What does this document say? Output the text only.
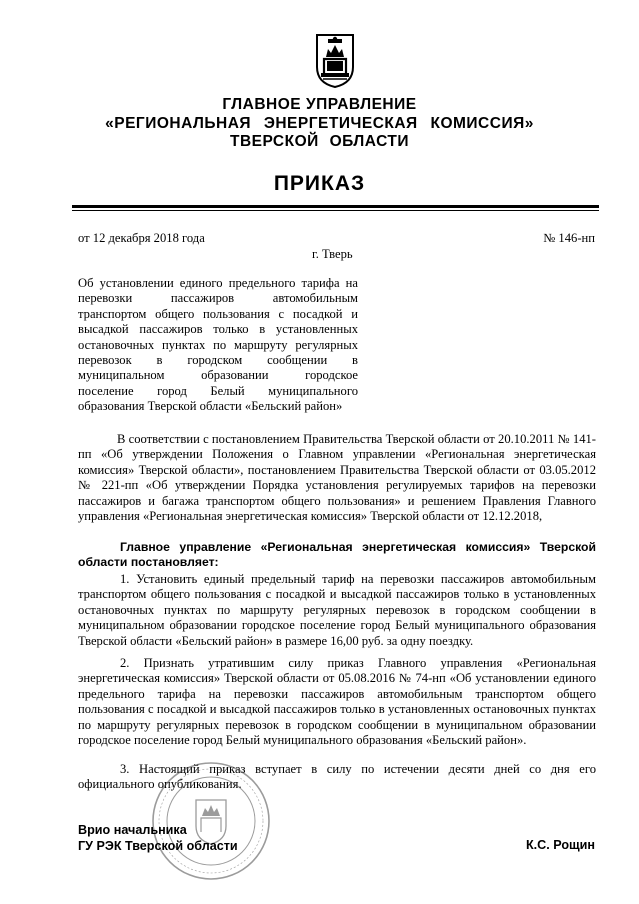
ГЛАВНОЕ УПРАВЛЕНИЕ
«РЕГИОНАЛЬНАЯ ЭНЕРГЕТИЧЕСКАЯ КОМИССИЯ»
ТВЕРСКОЙ ОБЛАСТИ
ПРИКАЗ
от 12 декабря 2018 года
г. Тверь
№ 146-нп
Об установлении единого предельного тарифа на
перевозки пассажиров автомобильным
транспортом общего пользования с посадкой и
высадкой пассажиров только в установленных
остановочных пунктах по маршруту регулярных
перевозок в городском сообщении в
муниципальном образовании городское
поселение город Белый муниципального
образования Тверской области «Бельский район»
В соответствии с постановлением Правительства Тверской области от 20.10.2011 № 141-пп «Об утверждении Положения о Главном управлении «Региональная энергетическая комиссия» Тверской области», постановлением Правительства Тверской области от 03.05.2012 № 221-пп «Об утверждении Порядка установления регулируемых тарифов на перевозки пассажиров и багажа транспортом общего пользования» и решением Правления Главного управления «Региональная энергетическая комиссия» Тверской области от 12.12.2018,
Главное управление «Региональная энергетическая комиссия» Тверской области постановляет:
1. Установить единый предельный тариф на перевозки пассажиров автомобильным транспортом общего пользования с посадкой и высадкой пассажиров только в установленных остановочных пунктах по маршруту регулярных перевозок в городском сообщении в муниципальном образовании городское поселение город Белый муниципального образования Тверской области «Бельский район» в размере 16,00 руб. за одну поездку.
2. Признать утратившим силу приказ Главного управления «Региональная энергетическая комиссия» Тверской области от 05.08.2016 № 74-нп «Об установлении единого предельного тарифа на перевозки пассажиров автомобильным транспортом общего пользования с посадкой и высадкой пассажиров только в установленных остановочных пунктах по маршруту регулярных перевозок в городском сообщении в муниципальном образовании городское поселение город Белый муниципального образования «Бельский район».
3. Настоящий приказ вступает в силу по истечении десяти дней со дня его официального опубликования.
Врио начальника
ГУ РЭК Тверской области	К.С. Рощин
